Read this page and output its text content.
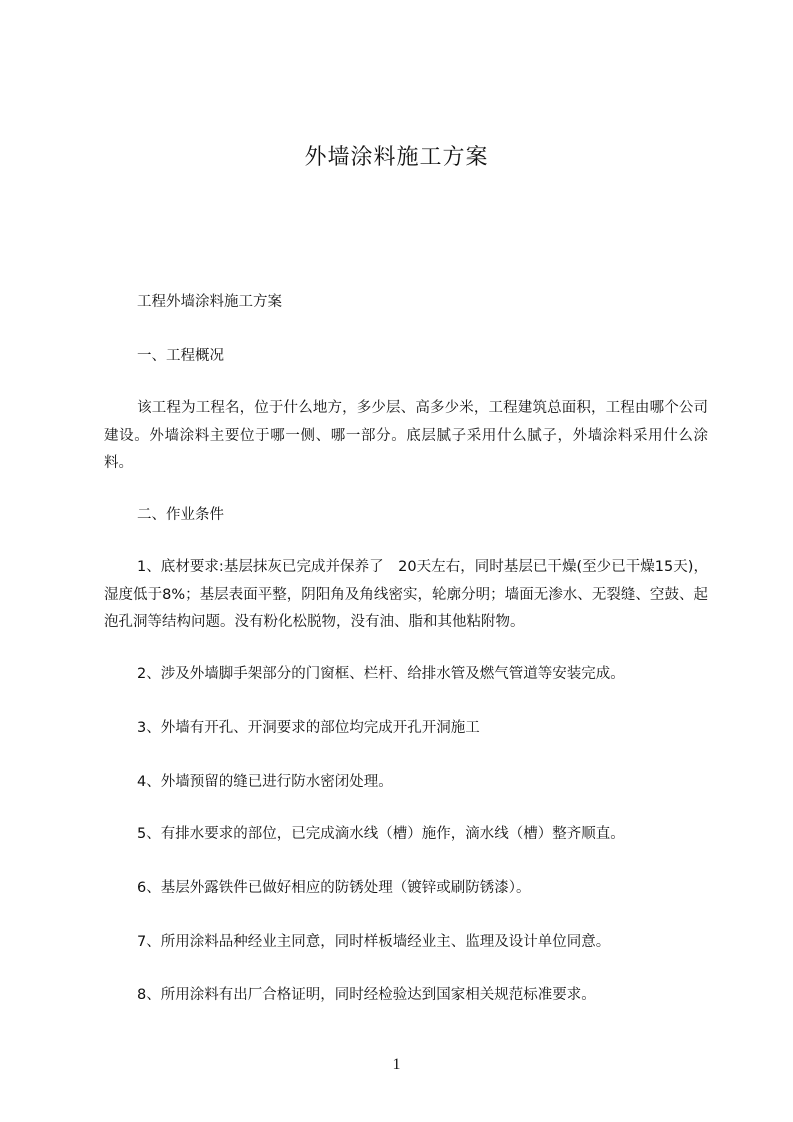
外墙涂料施工方案
工程外墙涂料施工方案
一、工程概况
该工程为工程名，位于什么地方，多少层、高多少米，工程建筑总面积，工程由哪个公司建设。外墙涂料主要位于哪一侧、哪一部分。底层腻子采用什么腻子，外墙涂料采用什么涂料。
二、作业条件
1、底材要求:基层抹灰已完成并保养了　20天左右，同时基层已干燥(至少已干燥15天)，湿度低于8%；基层表面平整，阴阳角及角线密实，轮廓分明；墙面无渗水、无裂缝、空鼓、起泡孔洞等结构问题。没有粉化松脱物，没有油、脂和其他粘附物。
2、涉及外墙脚手架部分的门窗框、栏杆、给排水管及燃气管道等安装完成。
3、外墙有开孔、开洞要求的部位均完成开孔开洞施工
4、外墙预留的缝已进行防水密闭处理。
5、有排水要求的部位，已完成滴水线（槽）施作，滴水线（槽）整齐顺直。
6、基层外露铁件已做好相应的防锈处理（镀锌或刷防锈漆）。
7、所用涂料品种经业主同意，同时样板墙经业主、监理及设计单位同意。
8、所用涂料有出厂合格证明，同时经检验达到国家相关规范标准要求。
1
